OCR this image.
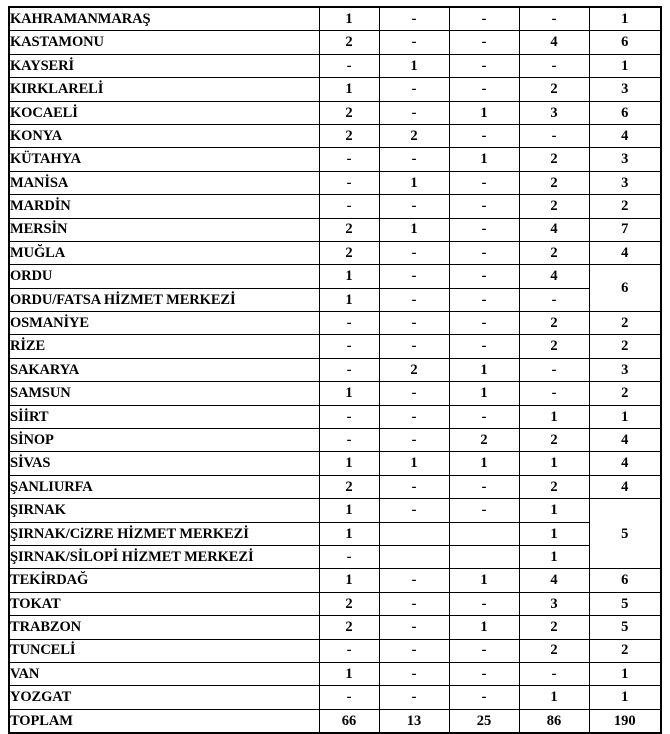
KAHRAMANMARAŞ	1	-	-	-	1
KASTAMONU	2	-	-	4	6
KAYSERİ	-	1	-	-	1
KIRKLARELİ	1	-	-	2	3
KOCAELİ	2	-	1	3	6
KONYA	2	2	-	-	4
KÜTAHYA	-	-	1	2	3
MANİSA	-	1	-	2	3
MARDİN	-	-	-	2	2
MERSİN	2	1	-	4	7
MUĞLA	2	-	-	2	4
ORDU	1	-	-	4	6
ORDU/FATSA HİZMET MERKEZİ	1	-	-	-	
OSMANİYE	-	-	-	2	2
RİZE	-	-	-	2	2
SAKARYA	-	2	1	-	3
SAMSUN	1	-	1	-	2
SİİRT	-	-	-	1	1
SİNOP	-	-	2	2	4
SİVAS	1	1	1	1	4
ŞANLIURFA	2	-	-	2	4
ŞIRNAK	1	-	-	1	5
ŞIRNAK/CiZRE HİZMET MERKEZİ	1			1	
ŞIRNAK/SİLOPİ HİZMET MERKEZİ	-			1	
TEKİRDAĞ	1	-	1	4	6
TOKAT	2	-	-	3	5
TRABZON	2	-	1	2	5
TUNCELİ	-	-	-	2	2
VAN	1	-	-	-	1
YOZGAT	-	-	-	1	1
TOPLAM	66	13	25	86	190
